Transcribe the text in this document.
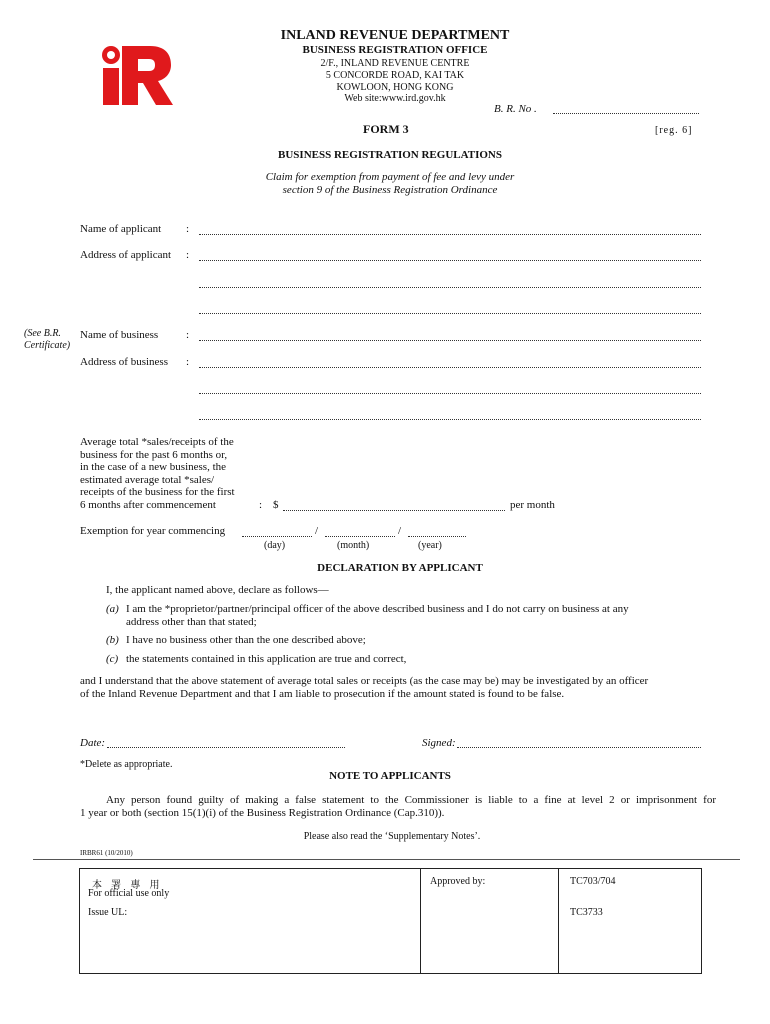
IR	INLAND REVENUE DEPARTMENT
BUSINESS REGISTRATION OFFICE
2/F., INLAND REVENUE CENTRE
5 CONCORDE ROAD, KAI TAK
KOWLOON, HONG KONG
Web site:www.ird.gov.hk
B. R. No .
FORM 3	[reg. 6]
BUSINESS REGISTRATION REGULATIONS
Claim for exemption from payment of fee and levy under
section 9 of the Business Registration Ordinance
Name of applicant :
Address of applicant :
(See B.R.
Certificate)
Name of business	:
Address of business :
Average total *sales/receipts of the
business for the past 6 months or,
in the case of a new business, the
estimated average total *sales/
receipts of the business for the first
6 months after commencement	: $	per month
Exemption for year commencing	/	/
(day)	(month)	(year)
DECLARATION BY APPLICANT
I, the applicant named above, declare as follows—
(a) I am the *proprietor/partner/principal officer of the above described business and I do not carry on business at any
address other than that stated;
(b) I have no business other than the one described above;
(c) the statements contained in this application are true and correct,
and I understand that the above statement of average total sales or receipts (as the case may be) may be investigated by an officer
of the Inland Revenue Department and that I am liable to prosecution if the amount stated is found to be false.
Date:	Signed:
*Delete as appropriate.
NOTE TO APPLICANTS
Any person found guilty of making a false statement to the Commissioner is liable to a fine at level 2 or imprisonment for
1 year or both (section 15(1)(i) of the Business Registration Ordinance (Cap.310)).
Please also read the ‘Supplementary Notes’.
IRBR61 (10/2010)
本 署 專 用
For official use only
Issue UL:
Approved by:	TC703/704
TC3733
